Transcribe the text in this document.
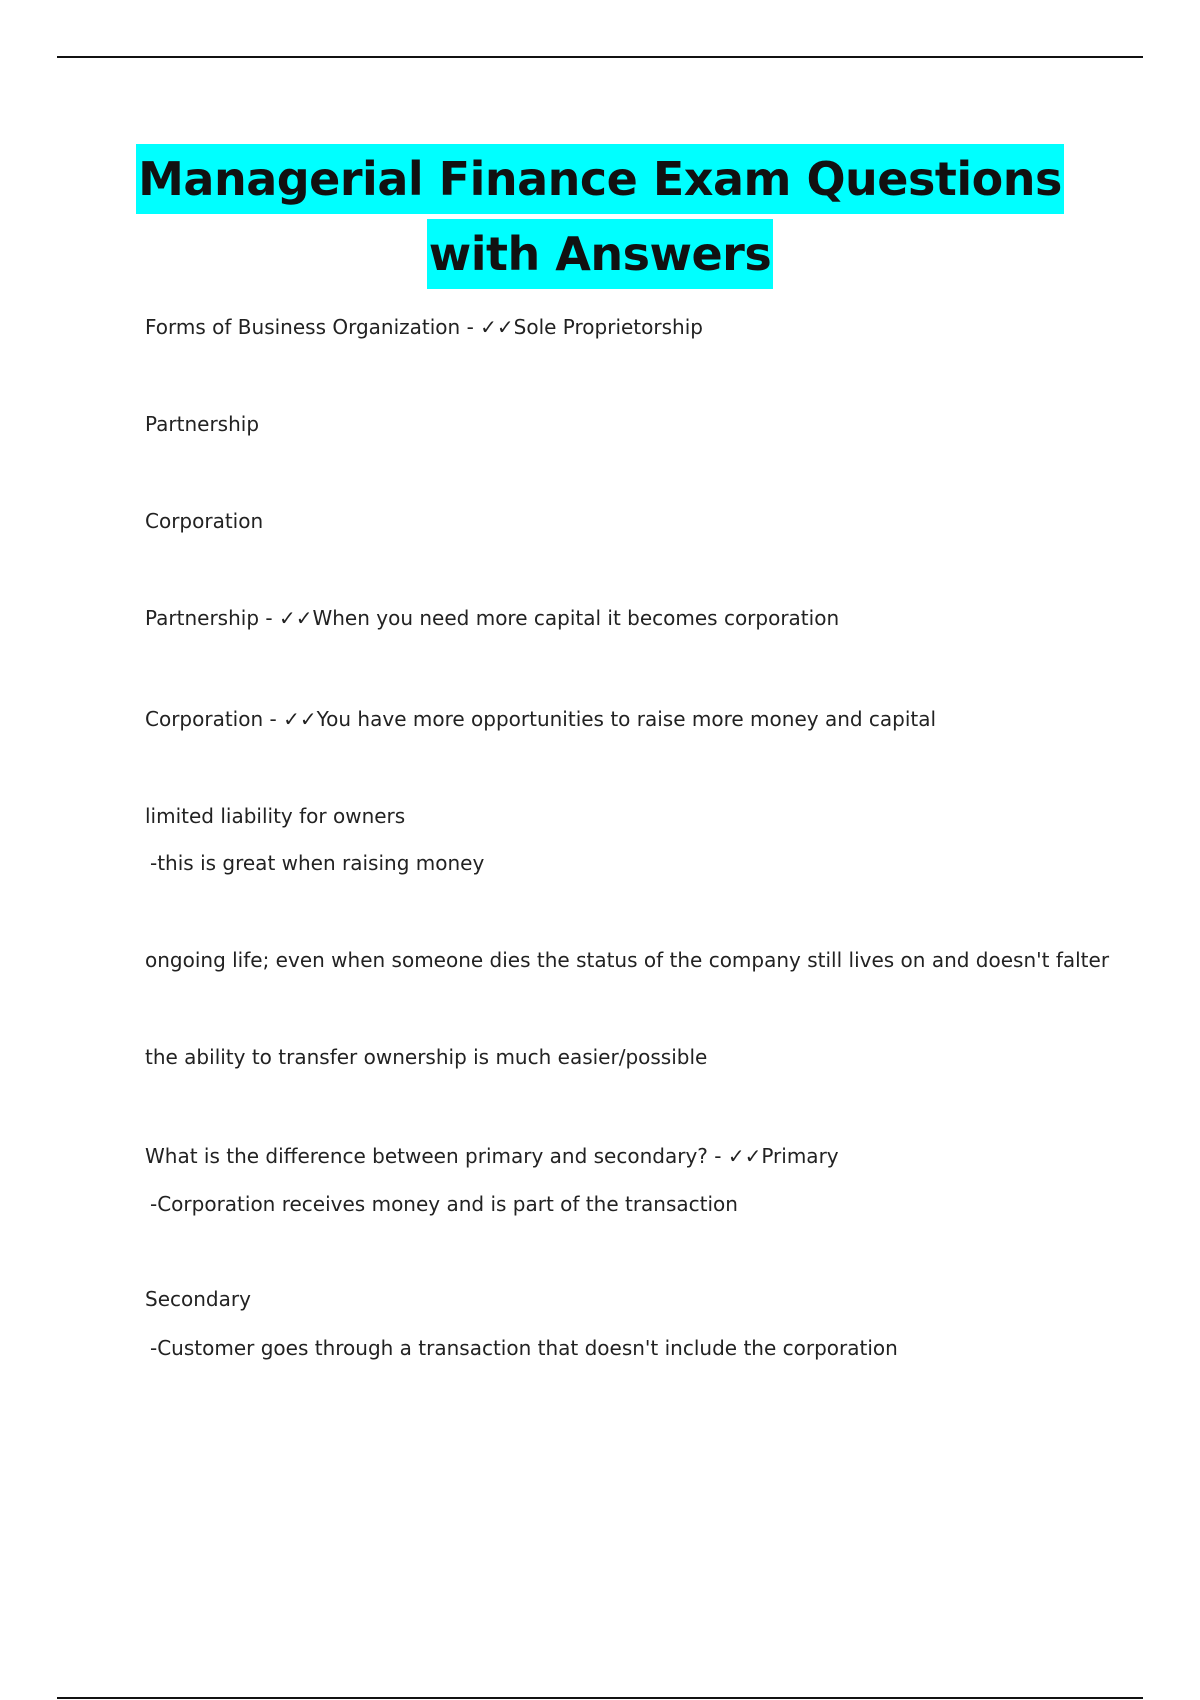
Managerial Finance Exam Questions
with Answers
Forms of Business Organization - ✓✓Sole Proprietorship
Partnership
Corporation
Partnership - ✓✓When you need more capital it becomes corporation
Corporation - ✓✓You have more opportunities to raise more money and capital
limited liability for owners
-this is great when raising money
ongoing life; even when someone dies the status of the company still lives on and doesn't falter
the ability to transfer ownership is much easier/possible
What is the difference between primary and secondary? - ✓✓Primary
-Corporation receives money and is part of the transaction
Secondary
-Customer goes through a transaction that doesn't include the corporation
